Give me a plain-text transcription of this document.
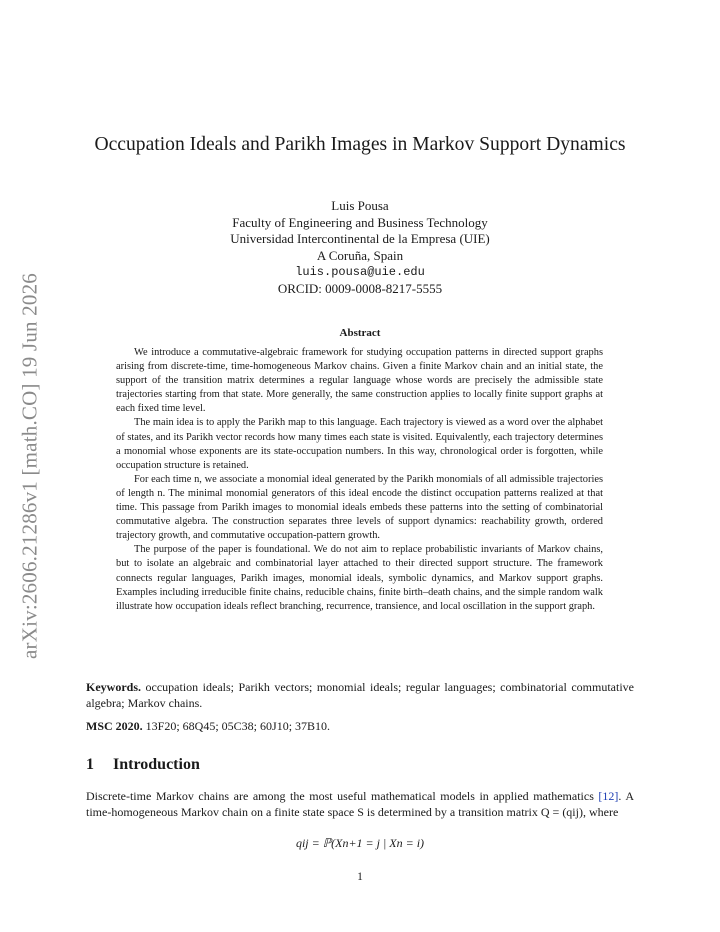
arXiv:2606.21286v1 [math.CO] 19 Jun 2026
Occupation Ideals and Parikh Images in Markov Support Dynamics
Luis Pousa
Faculty of Engineering and Business Technology
Universidad Intercontinental de la Empresa (UIE)
A Coruña, Spain
luis.pousa@uie.edu
ORCID: 0009-0008-8217-5555
Abstract

We introduce a commutative-algebraic framework for studying occupation patterns in directed support graphs arising from discrete-time, time-homogeneous Markov chains. Given a finite Markov chain and an initial state, the support of the transition matrix determines a regular language whose words are precisely the admissible state trajectories starting from that state. More generally, the same construction applies to locally finite support graphs at each fixed time level.

The main idea is to apply the Parikh map to this language. Each trajectory is viewed as a word over the alphabet of states, and its Parikh vector records how many times each state is visited. Equivalently, each trajectory determines a monomial whose exponents are its state-occupation numbers. In this way, chronological order is forgotten, while occupation structure is retained.

For each time n, we associate a monomial ideal generated by the Parikh monomials of all admissible trajectories of length n. The minimal monomial generators of this ideal encode the distinct occupation patterns realized at that time. This passage from Parikh images to monomial ideals embeds these patterns into the setting of combinatorial commutative algebra. The construction separates three levels of support dynamics: reachability growth, ordered trajectory growth, and commutative occupation-pattern growth.

The purpose of the paper is foundational. We do not aim to replace probabilistic invariants of Markov chains, but to isolate an algebraic and combinatorial layer attached to their directed support structure. The framework connects regular languages, Parikh images, monomial ideals, symbolic dynamics, and Markov support graphs. Examples including irreducible finite chains, reducible chains, finite birth–death chains, and the simple random walk illustrate how occupation ideals reflect branching, recurrence, transience, and local oscillation in the support graph.

Keywords. occupation ideals; Parikh vectors; monomial ideals; regular languages; combinatorial commutative algebra; Markov chains.
MSC 2020. 13F20; 68Q45; 05C38; 60J10; 37B10.
1 Introduction

Discrete-time Markov chains are among the most useful mathematical models in applied mathematics [12]. A time-homogeneous Markov chain on a finite state space S is determined by a transition matrix Q = (qij), where

qij = ℙ(Xn+1 = j | Xn = i)
1
